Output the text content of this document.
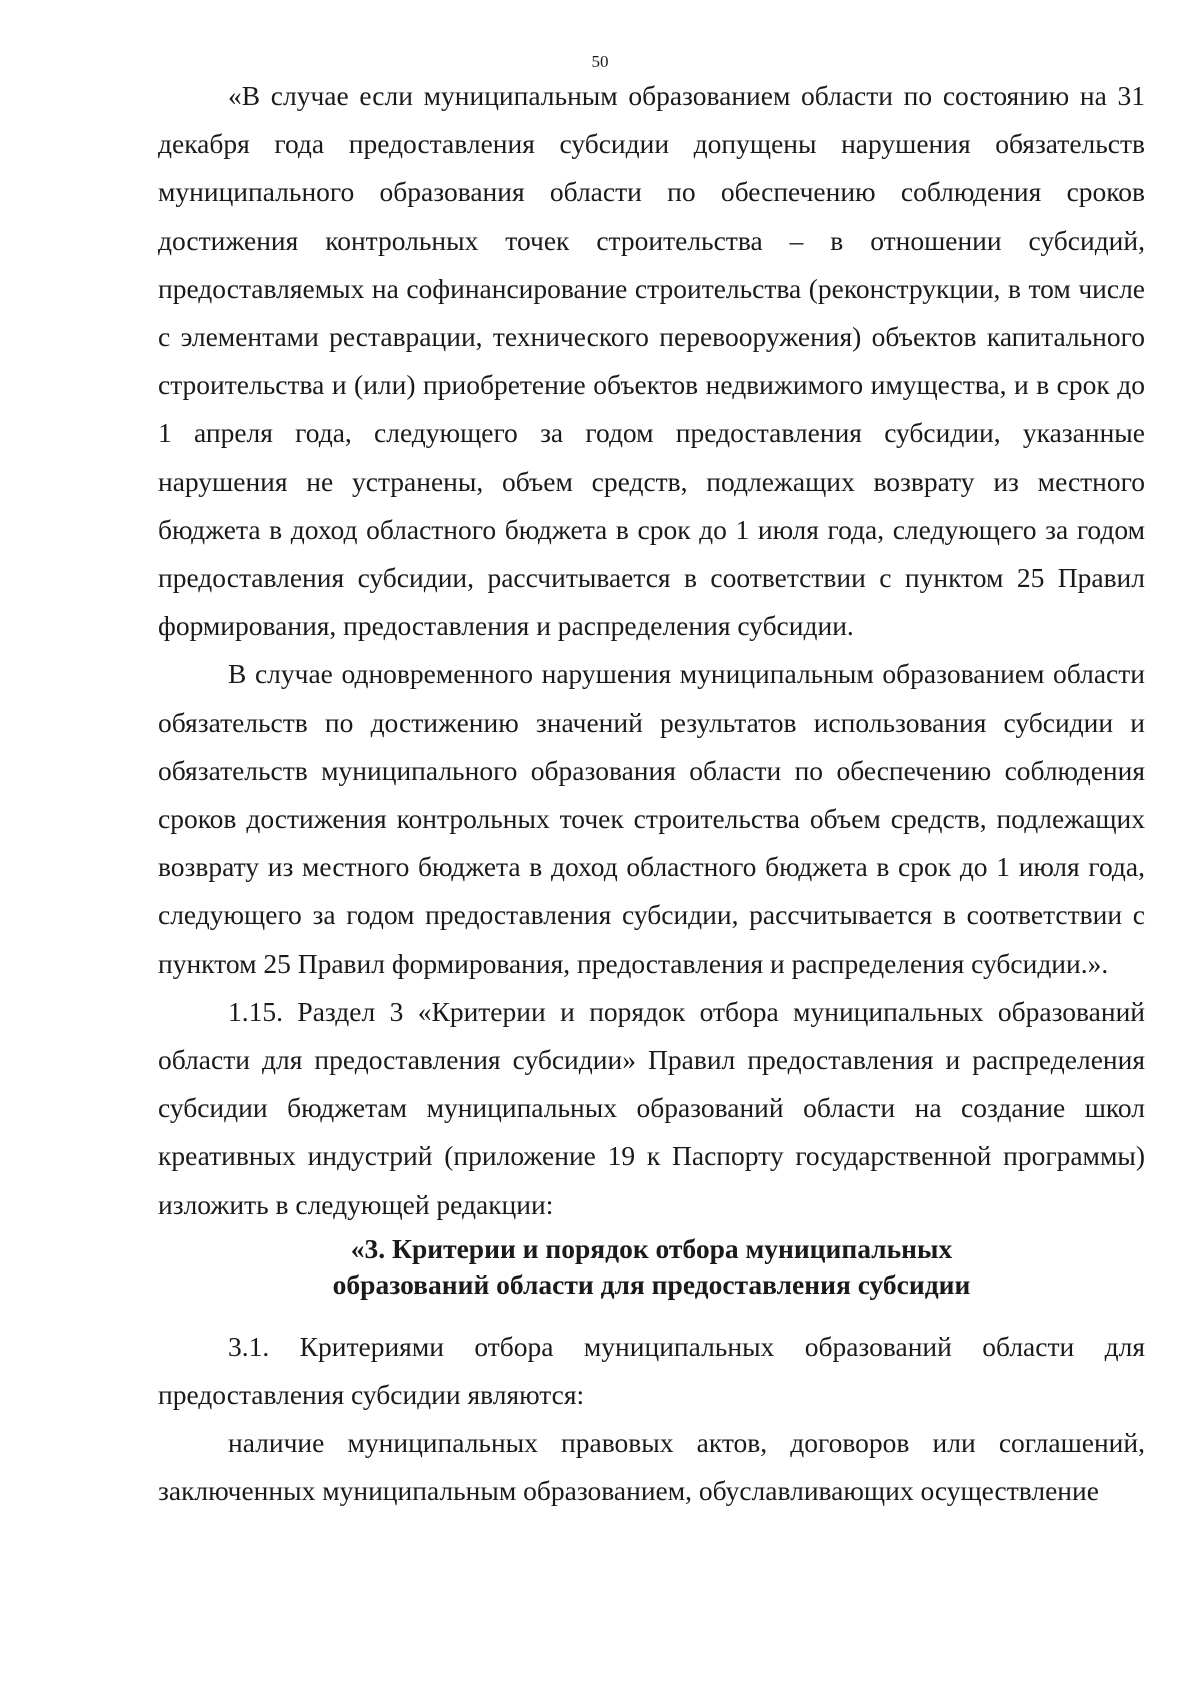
50

«В случае если муниципальным образованием области по состоянию на 31 декабря года предоставления субсидии допущены нарушения обязательств муниципального образования области по обеспечению соблюдения сроков достижения контрольных точек строительства – в отношении субсидий, предоставляемых на софинансирование строительства (реконструкции, в том числе с элементами реставрации, технического перевооружения) объектов капитального строительства и (или) приобретение объектов недвижимого имущества, и в срок до 1 апреля года, следующего за годом предоставления субсидии, указанные нарушения не устранены, объем средств, подлежащих возврату из местного бюджета в доход областного бюджета в срок до 1 июля года, следующего за годом предоставления субсидии, рассчитывается в соответствии с пунктом 25 Правил формирования, предоставления и распределения субсидии.

В случае одновременного нарушения муниципальным образованием области обязательств по достижению значений результатов использования субсидии и обязательств муниципального образования области по обеспечению соблюдения сроков достижения контрольных точек строительства объем средств, подлежащих возврату из местного бюджета в доход областного бюджета в срок до 1 июля года, следующего за годом предоставления субсидии, рассчитывается в соответствии с пунктом 25 Правил формирования, предоставления и распределения субсидии.».

1.15. Раздел 3 «Критерии и порядок отбора муниципальных образований области для предоставления субсидии» Правил предоставления и распределения субсидии бюджетам муниципальных образований области на создание школ креативных индустрий (приложение 19 к Паспорту государственной программы) изложить в следующей редакции:

«3. Критерии и порядок отбора муниципальных
образований области для предоставления субсидии

3.1. Критериями отбора муниципальных образований области для предоставления субсидии являются:

наличие муниципальных правовых актов, договоров или соглашений, заключенных муниципальным образованием, обуславливающих осуществление
